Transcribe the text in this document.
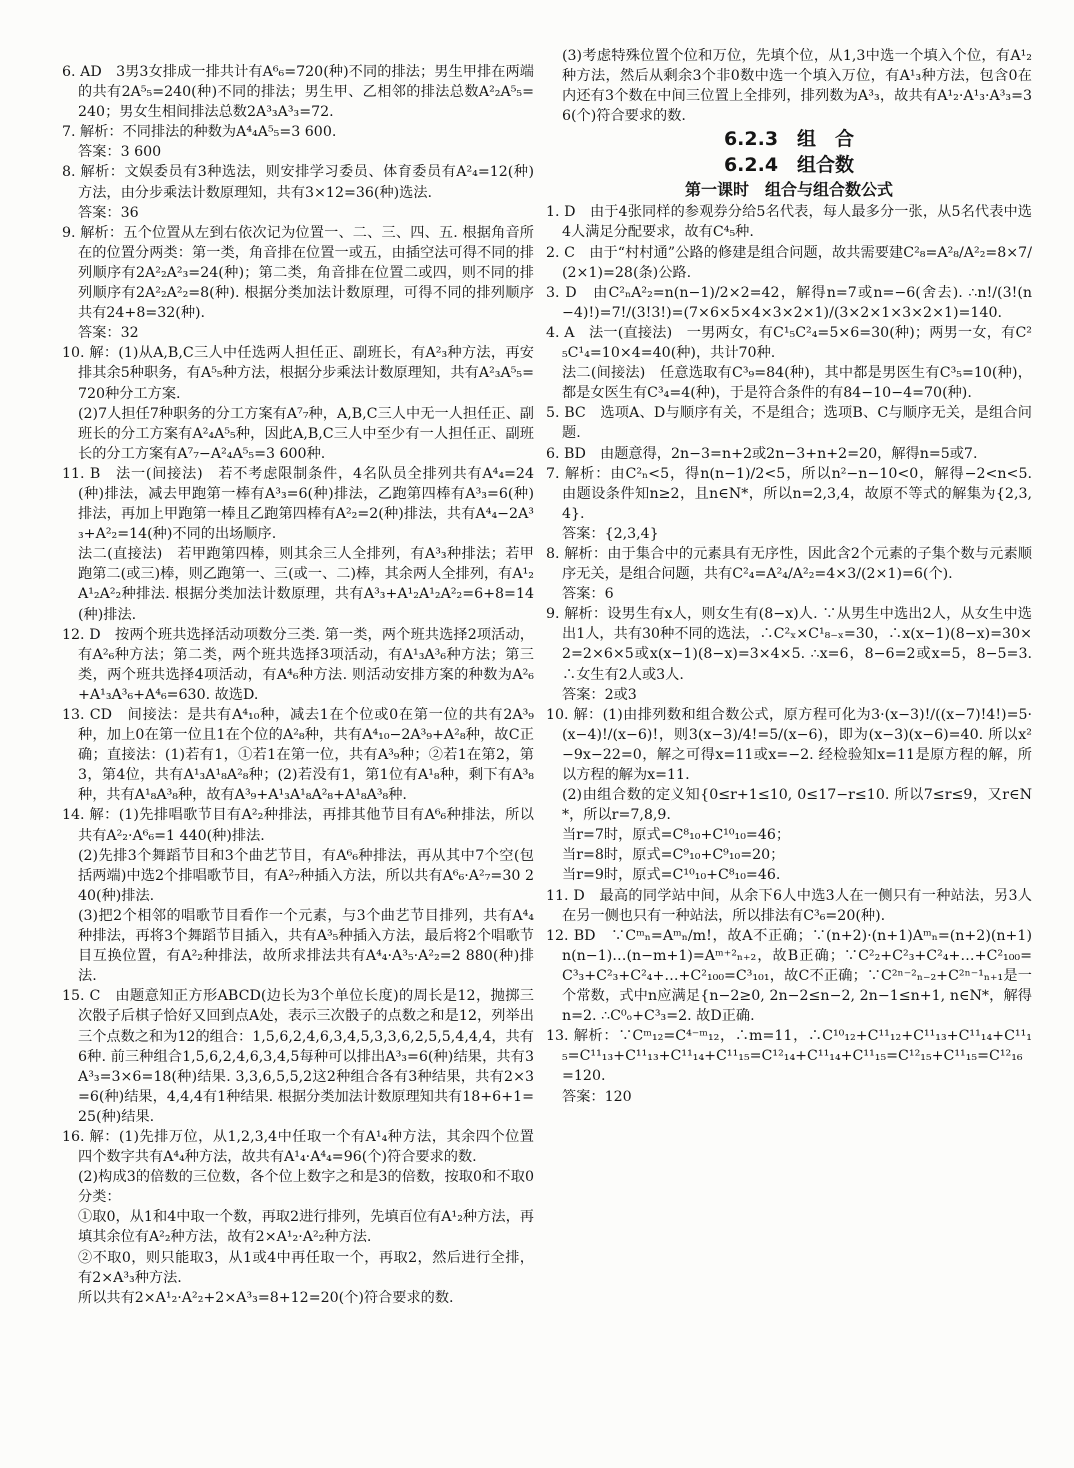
6. AD　3男3女排成一排共计有A⁶₆=720(种)不同的排法；男生甲排在两端的共有2A⁵₅=240(种)不同的排法；男生甲、乙相邻的排法总数A²₂A⁵₅=240；男女生相间排法总数2A³₃A³₃=72.

7. 解析：不同排法的种数为A⁴₄A⁵₅=3 600.

答案：3 600

8. 解析：文娱委员有3种选法，则安排学习委员、体育委员有A²₄=12(种)方法，由分步乘法计数原理知，共有3×12=36(种)选法.

答案：36

9. 解析：五个位置从左到右依次记为位置一、二、三、四、五. 根据角音所在的位置分两类：第一类，角音排在位置一或五，由插空法可得不同的排列顺序有2A²₂A²₃=24(种)；第二类，角音排在位置二或四，则不同的排列顺序有2A²₂A²₂=8(种). 根据分类加法计数原理，可得不同的排列顺序共有24+8=32(种).

答案：32

10. 解：(1)从A,B,C三人中任选两人担任正、副班长，有A²₃种方法，再安排其余5种职务，有A⁵₅种方法，根据分步乘法计数原理知，共有A²₃A⁵₅=720种分工方案.

(2)7人担任7种职务的分工方案有A⁷₇种，A,B,C三人中无一人担任正、副班长的分工方案有A²₄A⁵₅种，因此A,B,C三人中至少有一人担任正、副班长的分工方案有A⁷₇−A²₄A⁵₅=3 600种.

11. B　法一(间接法)　若不考虑限制条件，4名队员全排列共有A⁴₄=24(种)排法，减去甲跑第一棒有A³₃=6(种)排法，乙跑第四棒有A³₃=6(种)排法，再加上甲跑第一棒且乙跑第四棒有A²₂=2(种)排法，共有A⁴₄−2A³₃+A²₂=14(种)不同的出场顺序.

法二(直接法)　若甲跑第四棒，则其余三人全排列，有A³₃种排法；若甲跑第二(或三)棒，则乙跑第一、三(或一、二)棒，其余两人全排列，有A¹₂A¹₂A²₂种排法. 根据分类加法计数原理，共有A³₃+A¹₂A¹₂A²₂=6+8=14(种)排法.

12. D　按两个班共选择活动项数分三类. 第一类，两个班共选择2项活动，有A²₆种方法；第二类，两个班共选择3项活动，有A¹₃A³₆种方法；第三类，两个班共选择4项活动，有A⁴₆种方法. 则活动安排方案的种数为A²₆+A¹₃A³₆+A⁴₆=630. 故选D.

13. CD　间接法：是共有A⁴₁₀种，减去1在个位或0在第一位的共有2A³₉种，加上0在第一位且1在个位的A²₈种，共有A⁴₁₀−2A³₉+A²₈种，故C正确；直接法：(1)若有1，①若1在第一位，共有A³₉种；②若1在第2，第3，第4位，共有A¹₃A¹₈A²₈种；(2)若没有1，第1位有A¹₈种，剩下有A³₈种，共有A¹₈A³₈种，故有A³₉+A¹₃A¹₈A²₈+A¹₈A³₈种.

14. 解：(1)先排唱歌节目有A²₂种排法，再排其他节目有A⁶₆种排法，所以共有A²₂·A⁶₆=1 440(种)排法.

(2)先排3个舞蹈节目和3个曲艺节目，有A⁶₆种排法，再从其中7个空(包括两端)中选2个排唱歌节目，有A²₇种插入方法，所以共有A⁶₆·A²₇=30 240(种)排法.

(3)把2个相邻的唱歌节目看作一个元素，与3个曲艺节目排列，共有A⁴₄种排法，再将3个舞蹈节目插入，共有A³₅种插入方法，最后将2个唱歌节目互换位置，有A²₂种排法，故所求排法共有A⁴₄·A³₅·A²₂=2 880(种)排法.

15. C　由题意知正方形ABCD(边长为3个单位长度)的周长是12，抛掷三次骰子后棋子恰好又回到点A处，表示三次骰子的点数之和是12，列举出三个点数之和为12的组合：1,5,6,2,4,6,3,4,5,3,3,6,2,5,5,4,4,4，共有6种. 前三种组合1,5,6,2,4,6,3,4,5每种可以排出A³₃=6(种)结果，共有3A³₃=3×6=18(种)结果. 3,3,6,5,5,2这2种组合各有3种结果，共有2×3=6(种)结果，4,4,4有1种结果. 根据分类加法计数原理知共有18+6+1=25(种)结果.

16. 解：(1)先排万位，从1,2,3,4中任取一个有A¹₄种方法，其余四个位置四个数字共有A⁴₄种方法，故共有A¹₄·A⁴₄=96(个)符合要求的数.

(2)构成3的倍数的三位数，各个位上数字之和是3的倍数，按取0和不取0分类：

①取0，从1和4中取一个数，再取2进行排列，先填百位有A¹₂种方法，再填其余位有A²₂种方法，故有2×A¹₂·A²₂种方法.

②不取0，则只能取3，从1或4中再任取一个，再取2，然后进行全排，有2×A³₃种方法.

所以共有2×A¹₂·A²₂+2×A³₃=8+12=20(个)符合要求的数.

(3)考虑特殊位置个位和万位，先填个位，从1,3中选一个填入个位，有A¹₂种方法，然后从剩余3个非0数中选一个填入万位，有A¹₃种方法，包含0在内还有3个数在中间三位置上全排列，排列数为A³₃，故共有A¹₂·A¹₃·A³₃=36(个)符合要求的数.

6.2.3　组　合

6.2.4　组合数

第一课时　组合与组合数公式

1. D　由于4张同样的参观券分给5名代表，每人最多分一张，从5名代表中选4人满足分配要求，故有C⁴₅种.

2. C　由于“村村通”公路的修建是组合问题，故共需要建C²₈=A²₈/A²₂=8×7/(2×1)=28(条)公路.

3. D　由C²ₙA²₂=n(n−1)/2×2=42，解得n=7或n=−6(舍去). ∴n!/(3!(n−4)!)=7!/(3!3!)=(7×6×5×4×3×2×1)/(3×2×1×3×2×1)=140.

4. A　法一(直接法)　一男两女，有C¹₅C²₄=5×6=30(种)；两男一女，有C²₅C¹₄=10×4=40(种)，共计70种.

法二(间接法)　任意选取有C³₉=84(种)，其中都是男医生有C³₅=10(种)，都是女医生有C³₄=4(种)，于是符合条件的有84−10−4=70(种).

5. BC　选项A、D与顺序有关，不是组合；选项B、C与顺序无关，是组合问题.

6. BD　由题意得，2n−3=n+2或2n−3+n+2=20，解得n=5或7.

7. 解析：由C²ₙ<5，得n(n−1)/2<5，所以n²−n−10<0，解得−2<n<5. 由题设条件知n≥2，且n∈N*，所以n=2,3,4，故原不等式的解集为{2,3,4}.

答案：{2,3,4}

8. 解析：由于集合中的元素具有无序性，因此含2个元素的子集个数与元素顺序无关，是组合问题，共有C²₄=A²₄/A²₂=4×3/(2×1)=6(个).

答案：6

9. 解析：设男生有x人，则女生有(8−x)人. ∵从男生中选出2人，从女生中选出1人，共有30种不同的选法，∴C²ₓ×C¹₈₋ₓ=30，∴x(x−1)(8−x)=30×2=2×6×5或x(x−1)(8−x)=3×4×5. ∴x=6，8−6=2或x=5，8−5=3. ∴女生有2人或3人.

答案：2或3

10. 解：(1)由排列数和组合数公式，原方程可化为3·(x−3)!/((x−7)!4!)=5·(x−4)!/(x−6)!，则3(x−3)/4!=5/(x−6)，即为(x−3)(x−6)=40. 所以x²−9x−22=0，解之可得x=11或x=−2. 经检验知x=11是原方程的解，所以方程的解为x=11.

(2)由组合数的定义知{0≤r+1≤10, 0≤17−r≤10. 所以7≤r≤9，又r∈N*，所以r=7,8,9.

当r=7时，原式=C⁸₁₀+C¹⁰₁₀=46；

当r=8时，原式=C⁹₁₀+C⁹₁₀=20；

当r=9时，原式=C¹⁰₁₀+C⁸₁₀=46.

11. D　最高的同学站中间，从余下6人中选3人在一侧只有一种站法，另3人在另一侧也只有一种站法，所以排法有C³₆=20(种).

12. BD　∵Cᵐₙ=Aᵐₙ/m!，故A不正确；∵(n+2)·(n+1)Aᵐₙ=(n+2)(n+1)n(n−1)…(n−m+1)=Aᵐ⁺²ₙ₊₂，故B正确；∵C²₂+C²₃+C²₄+…+C²₁₀₀=C³₃+C²₃+C²₄+…+C²₁₀₀=C³₁₀₁，故C不正确；∵C²ⁿ⁻²ₙ₋₂+C²ⁿ⁻¹ₙ₊₁是一个常数，式中n应满足{n−2≥0, 2n−2≤n−2, 2n−1≤n+1, n∈N*，解得n=2. ∴C⁰ₒ+C³₃=2. 故D正确.

13. 解析：∵Cᵐ₁₂=C⁴⁻ᵐ₁₂，∴m=11，∴C¹⁰₁₂+C¹¹₁₂+C¹¹₁₃+C¹¹₁₄+C¹¹₁₅=C¹¹₁₃+C¹¹₁₃+C¹¹₁₄+C¹¹₁₅=C¹²₁₄+C¹¹₁₄+C¹¹₁₅=C¹²₁₅+C¹¹₁₅=C¹²₁₆=120.

答案：120
